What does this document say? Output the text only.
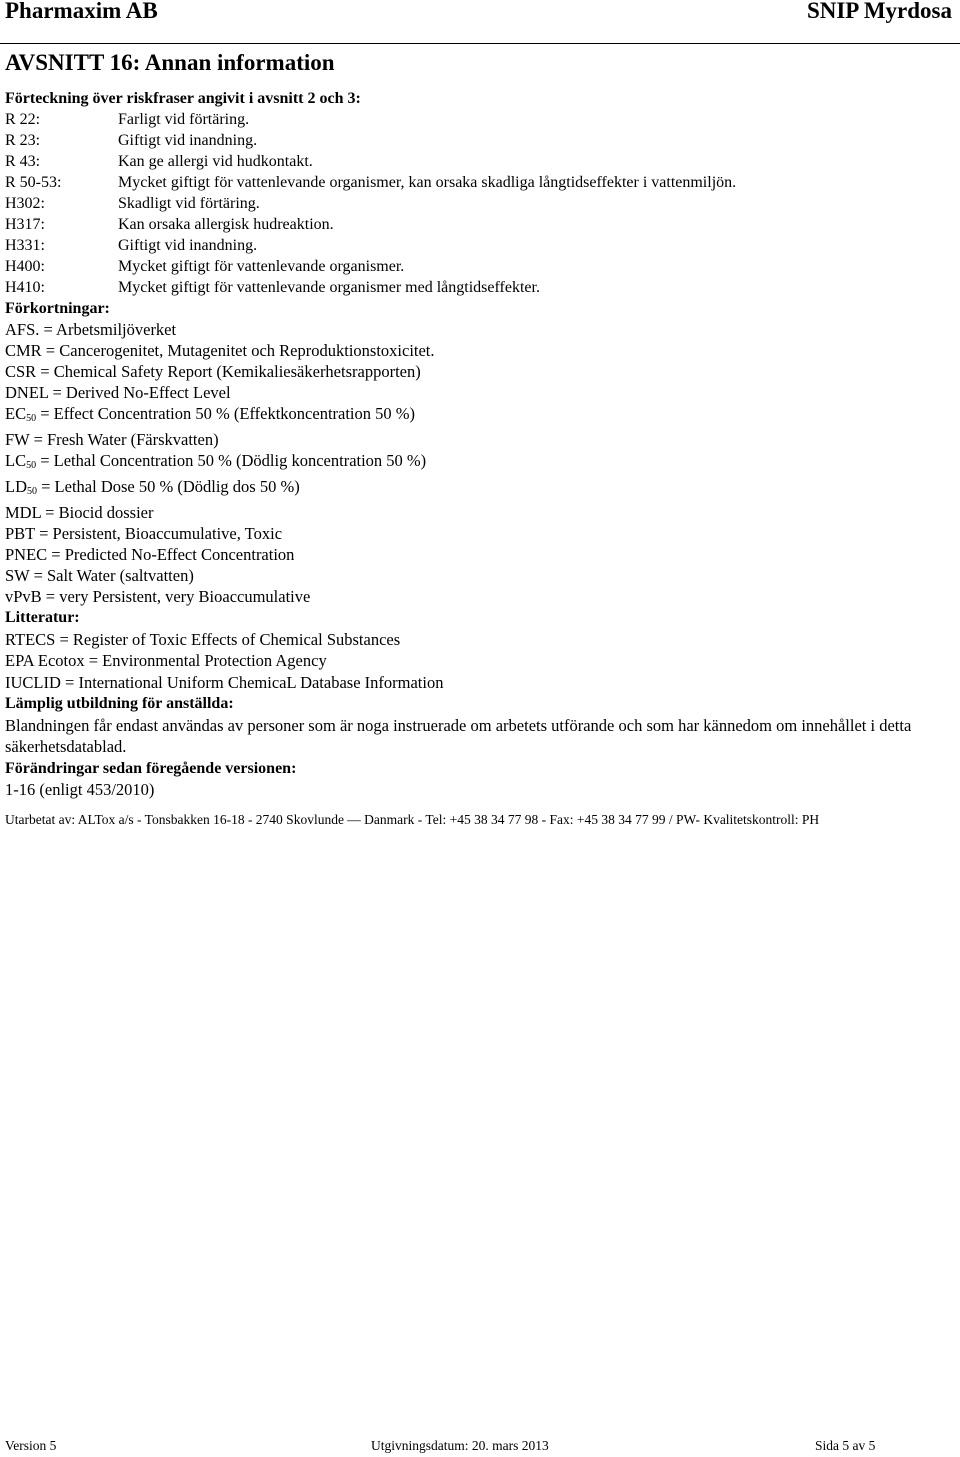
Pharmaxim AB	SNIP Myrdosa
AVSNITT 16: Annan information
Förteckning över riskfraser angivit i avsnitt 2 och 3:
R 22:	Farligt vid förtäring.
R 23:	Giftigt vid inandning.
R 43:	Kan ge allergi vid hudkontakt.
R 50-53:	Mycket giftigt för vattenlevande organismer, kan orsaka skadliga långtidseffekter i vattenmiljön.
H302:	Skadligt vid förtäring.
H317:	Kan orsaka allergisk hudreaktion.
H331:	Giftigt vid inandning.
H400:	Mycket giftigt för vattenlevande organismer.
H410:	Mycket giftigt för vattenlevande organismer med långtidseffekter.
Förkortningar:
AFS. = Arbetsmiljöverket
CMR = Cancerogenitet, Mutagenitet och Reproduktionstoxicitet.
CSR = Chemical Safety Report (Kemikaliesäkerhetsrapporten)
DNEL = Derived No-Effect Level
$EC_{50}$ = Effect Concentration 50 % (Effektkoncentration 50 %)
FW = Fresh Water (Färskvatten)
$LC_{50}$ = Lethal Concentration 50 % (Dödlig koncentration 50 %)
$LD_{50}$ = Lethal Dose 50 % (Dödlig dos 50 %)
MDL = Biocid dossier
PBT = Persistent, Bioaccumulative, Toxic
PNEC = Predicted No-Effect Concentration
SW = Salt Water (saltvatten)
vPvB = very Persistent, very Bioaccumulative
Litteratur:
RTECS = Register of Toxic Effects of Chemical Substances
EPA Ecotox = Environmental Protection Agency
IUCLID = International Uniform ChemicaL Database Information
Lämplig utbildning för anställda:
Blandningen får endast användas av personer som är noga instruerade om arbetets utförande och som har kännedom om innehållet i detta säkerhetsdatablad.
Förändringar sedan föregående versionen:
1-16 (enligt 453/2010)
Utarbetat av: ALTox a/s - Tonsbakken 16-18 - 2740 Skovlunde — Danmark - Tel: +45 38 34 77 98 - Fax: +45 38 34 77 99 / PW- Kvalitetskontroll: PH
Version 5	Utgivningsdatum: 20. mars 2013	Sida 5 av 5
